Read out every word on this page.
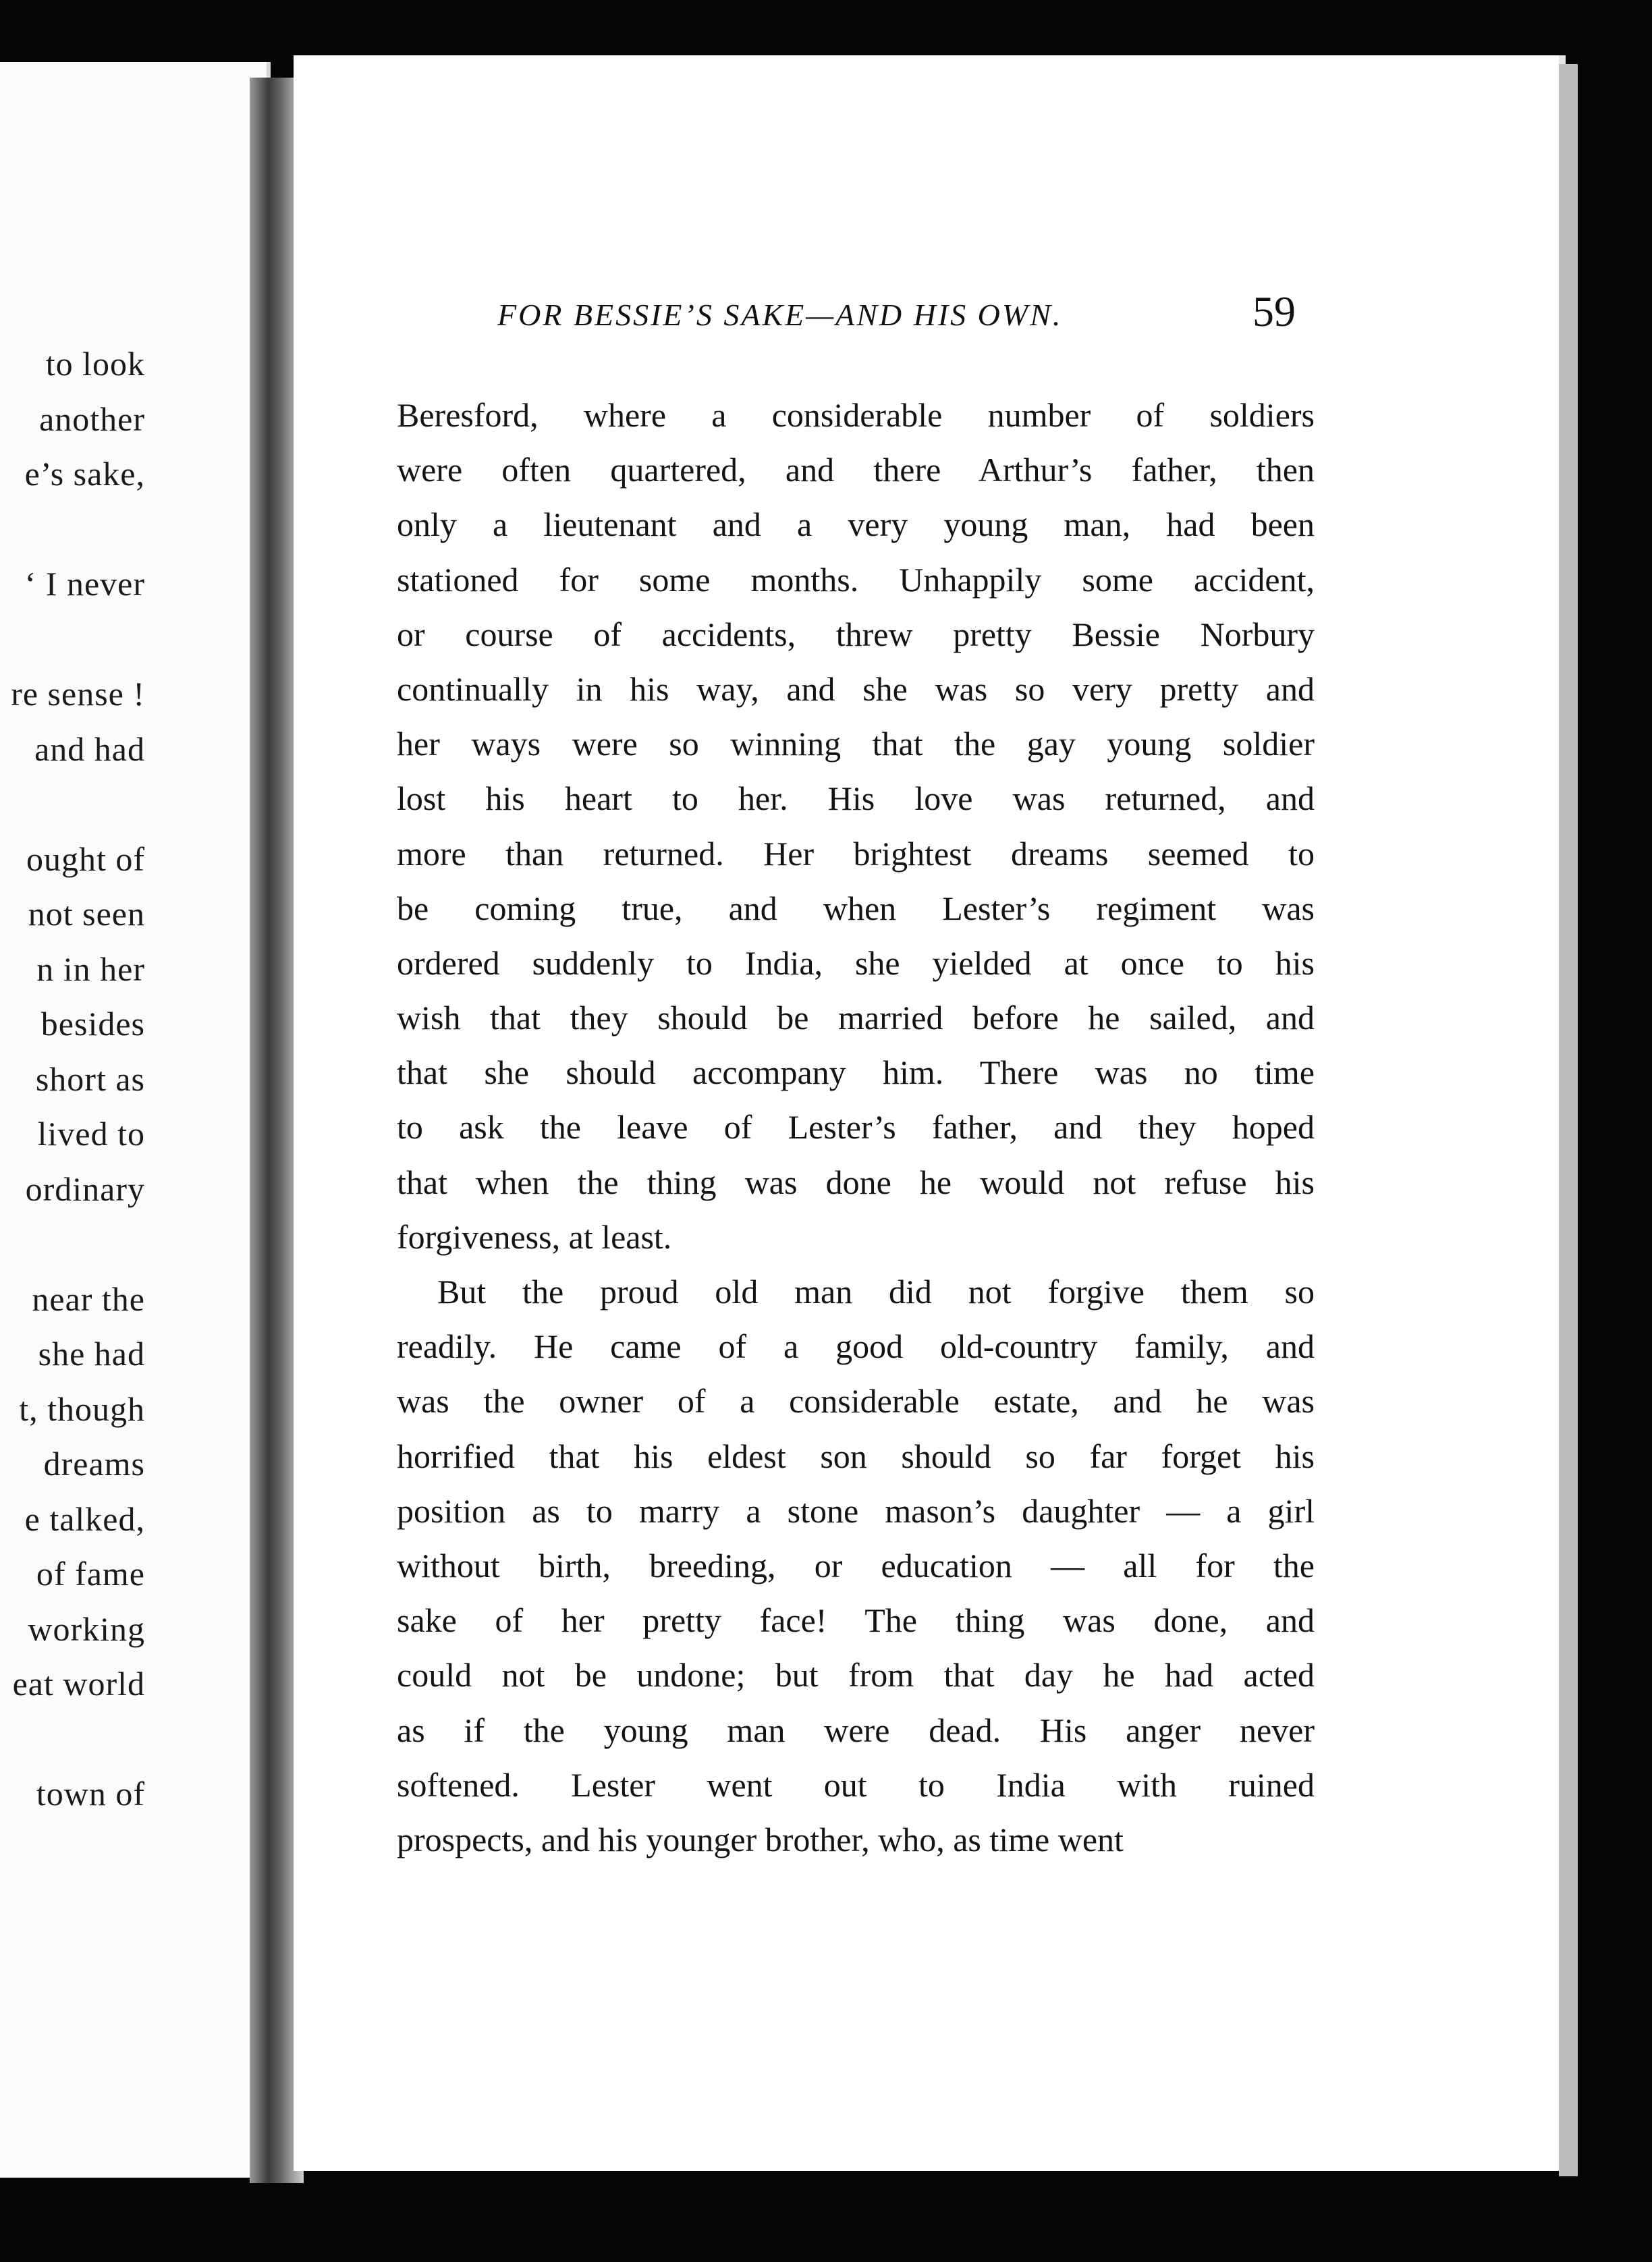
to look
another
e’s sake,
‘ I never
re sense !
and had
ought of
not seen
n in her
besides
short as
lived to
ordinary
near the
she had
t, though
dreams
e talked,
of fame
working
eat world
town of
FOR BESSIE’S SAKE—AND HIS OWN.	59
Beresford, where a considerable number of soldiers
were often quartered, and there Arthur’s father, then
only a lieutenant and a very young man, had been
stationed for some months. Unhappily some accident,
or course of accidents, threw pretty Bessie Norbury
continually in his way, and she was so very pretty and
her ways were so winning that the gay young soldier
lost his heart to her. His love was returned, and
more than returned. Her brightest dreams seemed to
be coming true, and when Lester’s regiment was
ordered suddenly to India, she yielded at once to his
wish that they should be married before he sailed, and
that she should accompany him. There was no time
to ask the leave of Lester’s father, and they hoped
that when the thing was done he would not refuse his
forgiveness, at least.
But the proud old man did not forgive them so
readily. He came of a good old-country family, and
was the owner of a considerable estate, and he was
horrified that his eldest son should so far forget his
position as to marry a stone mason’s daughter — a girl
without birth, breeding, or education — all for the
sake of her pretty face! The thing was done, and
could not be undone; but from that day he had acted
as if the young man were dead. His anger never
softened. Lester went out to India with ruined
prospects, and his younger brother, who, as time went
